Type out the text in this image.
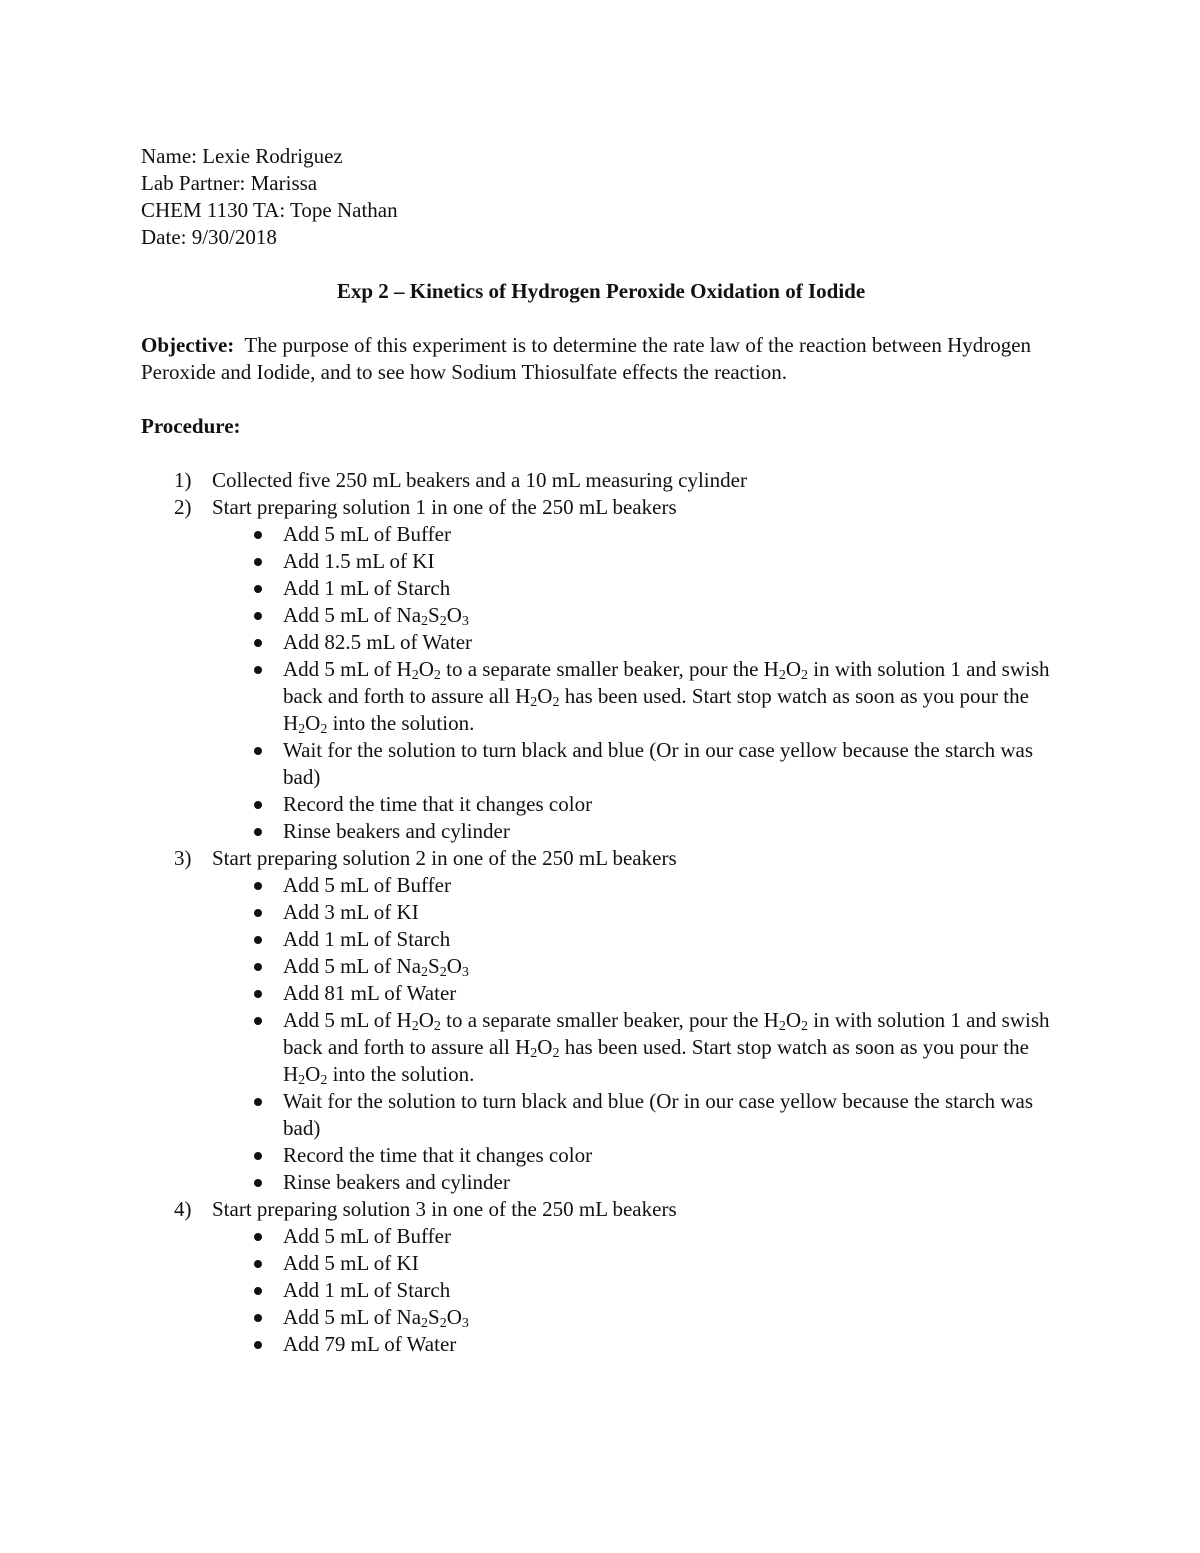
Name: Lexie Rodriguez
Lab Partner: Marissa
CHEM 1130 TA: Tope Nathan
Date: 9/30/2018
Exp 2 – Kinetics of Hydrogen Peroxide Oxidation of Iodide
Objective:  The purpose of this experiment is to determine the rate law of the reaction between Hydrogen Peroxide and Iodide, and to see how Sodium Thiosulfate effects the reaction.
Procedure:
1) Collected five 250 mL beakers and a 10 mL measuring cylinder
2) Start preparing solution 1 in one of the 250 mL beakers
Add 5 mL of Buffer
Add 1.5 mL of KI
Add 1 mL of Starch
Add 5 mL of $Na_2S_2O_3$
Add 82.5 mL of Water
Add 5 mL of $H_2O_2$ to a separate smaller beaker, pour the $H_2O_2$ in with solution 1 and swish back and forth to assure all $H_2O_2$ has been used. Start stop watch as soon as you pour the $H_2O_2$ into the solution.
Wait for the solution to turn black and blue (Or in our case yellow because the starch was bad)
Record the time that it changes color
Rinse beakers and cylinder
3) Start preparing solution 2 in one of the 250 mL beakers
Add 5 mL of Buffer
Add 3 mL of KI
Add 1 mL of Starch
Add 5 mL of $Na_2S_2O_3$
Add 81 mL of Water
Add 5 mL of $H_2O_2$ to a separate smaller beaker, pour the $H_2O_2$ in with solution 1 and swish back and forth to assure all $H_2O_2$ has been used. Start stop watch as soon as you pour the $H_2O_2$ into the solution.
Wait for the solution to turn black and blue (Or in our case yellow because the starch was bad)
Record the time that it changes color
Rinse beakers and cylinder
4) Start preparing solution 3 in one of the 250 mL beakers
Add 5 mL of Buffer
Add 5 mL of KI
Add 1 mL of Starch
Add 5 mL of $Na_2S_2O_3$
Add 79 mL of Water
